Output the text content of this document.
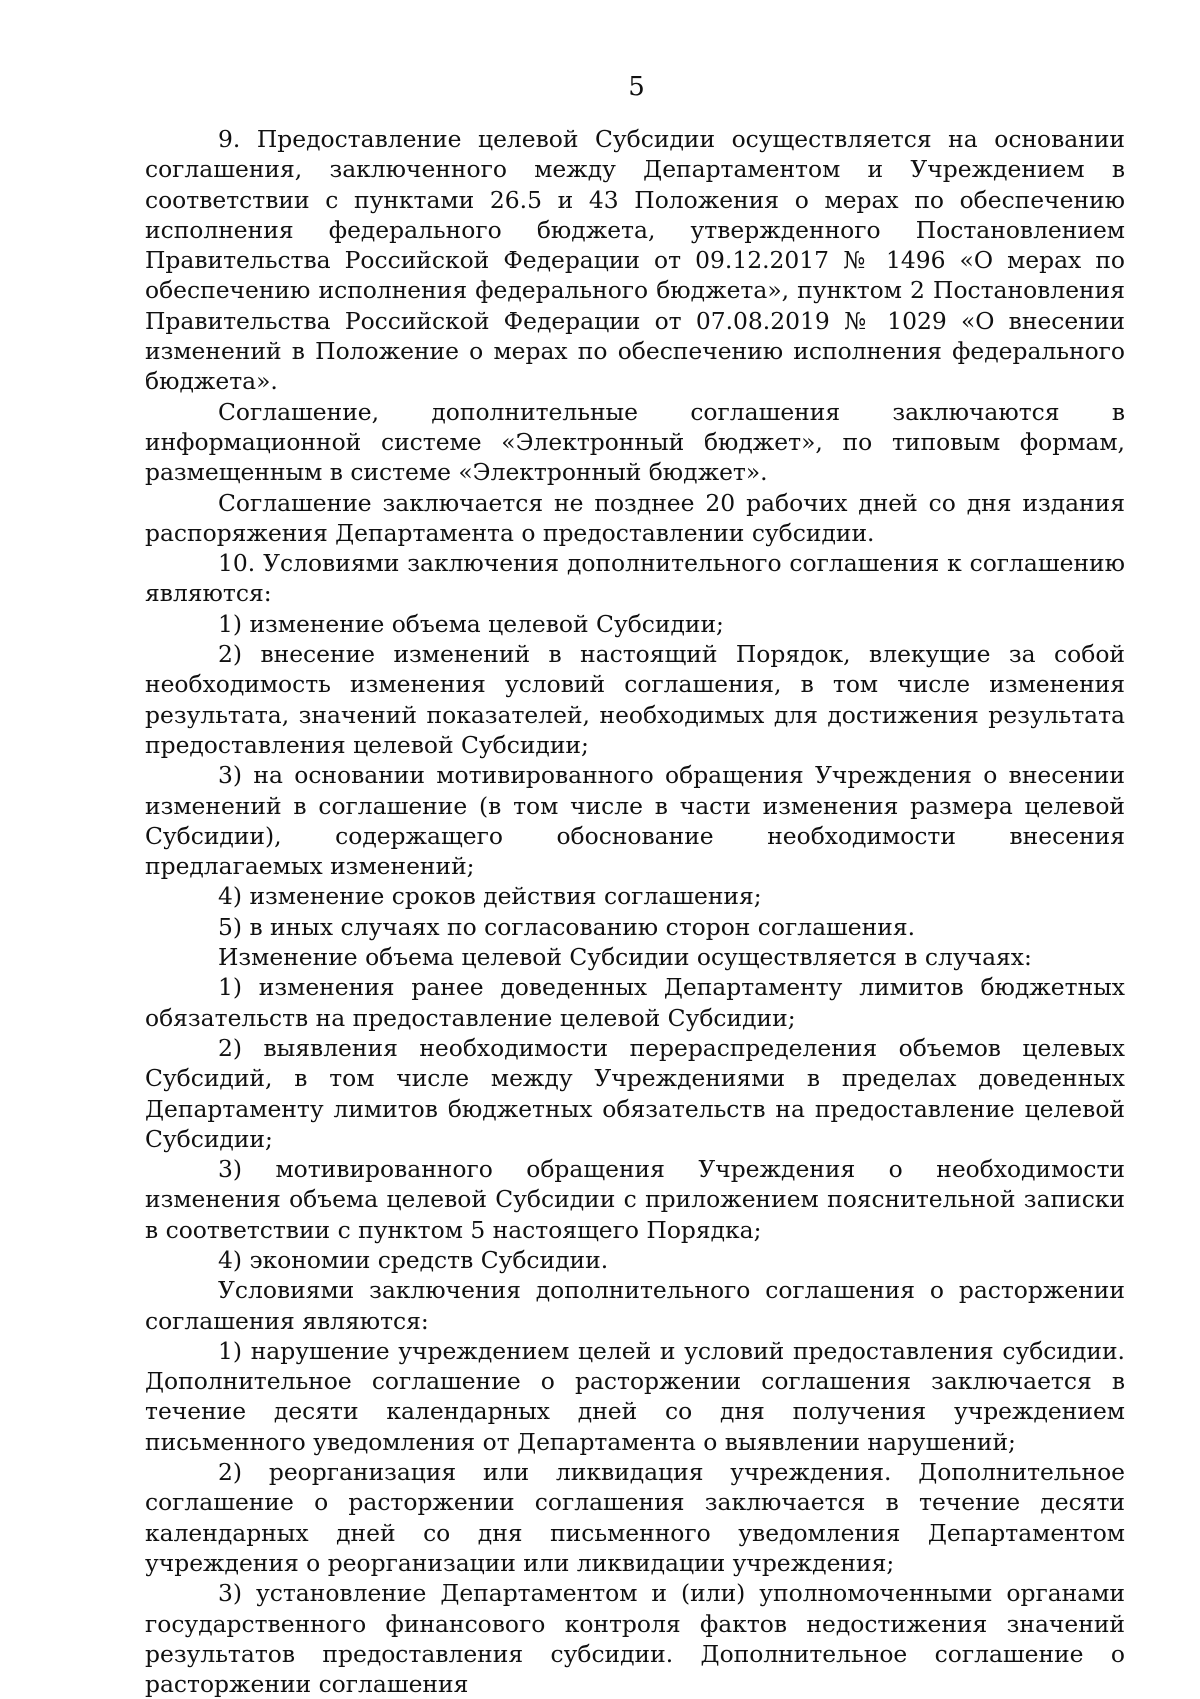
5

9. Предоставление целевой Субсидии осуществляется на основании соглашения, заключенного между Департаментом и Учреждением в соответствии с пунктами 26.5 и 43 Положения о мерах по обеспечению исполнения федерального бюджета, утвержденного Постановлением Правительства Российской Федерации от 09.12.2017 № 1496 «О мерах по обеспечению исполнения федерального бюджета», пунктом 2 Постановления Правительства Российской Федерации от 07.08.2019 № 1029 «О внесении изменений в Положение о мерах по обеспечению исполнения федерального бюджета».

Соглашение, дополнительные соглашения заключаются в информационной системе «Электронный бюджет», по типовым формам, размещенным в системе «Электронный бюджет».

Соглашение заключается не позднее 20 рабочих дней со дня издания распоряжения Департамента о предоставлении субсидии.

10. Условиями заключения дополнительного соглашения к соглашению являются:

1) изменение объема целевой Субсидии;

2) внесение изменений в настоящий Порядок, влекущие за собой необходимость изменения условий соглашения, в том числе изменения результата, значений показателей, необходимых для достижения результата предоставления целевой Субсидии;

3) на основании мотивированного обращения Учреждения о внесении изменений в соглашение (в том числе в части изменения размера целевой Субсидии), содержащего обоснование необходимости внесения предлагаемых изменений;

4) изменение сроков действия соглашения;

5) в иных случаях по согласованию сторон соглашения.

Изменение объема целевой Субсидии осуществляется в случаях:

1) изменения ранее доведенных Департаменту лимитов бюджетных обязательств на предоставление целевой Субсидии;

2) выявления необходимости перераспределения объемов целевых Субсидий, в том числе между Учреждениями в пределах доведенных Департаменту лимитов бюджетных обязательств на предоставление целевой Субсидии;

3) мотивированного обращения Учреждения о необходимости изменения объема целевой Субсидии с приложением пояснительной записки в соответствии с пунктом 5 настоящего Порядка;

4) экономии средств Субсидии.

Условиями заключения дополнительного соглашения о расторжении соглашения являются:

1) нарушение учреждением целей и условий предоставления субсидии. Дополнительное соглашение о расторжении соглашения заключается в течение десяти календарных дней со дня получения учреждением письменного уведомления от Департамента о выявлении нарушений;

2) реорганизация или ликвидация учреждения. Дополнительное соглашение о расторжении соглашения заключается в течение десяти календарных дней со дня письменного уведомления Департаментом учреждения о реорганизации или ликвидации учреждения;

3) установление Департаментом и (или) уполномоченными органами государственного финансового контроля фактов недостижения значений результатов предоставления субсидии. Дополнительное соглашение о расторжении соглашения
